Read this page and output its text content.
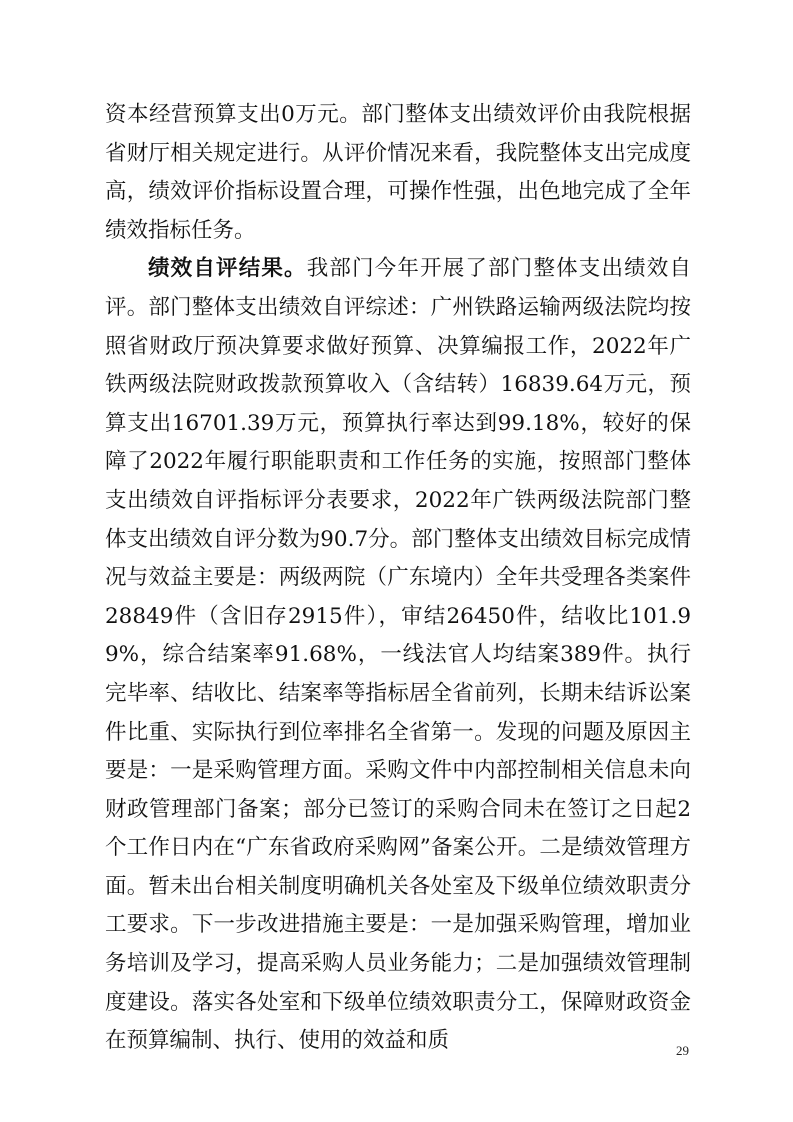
资本经营预算支出0万元。部门整体支出绩效评价由我院根据省财厅相关规定进行。从评价情况来看，我院整体支出完成度高，绩效评价指标设置合理，可操作性强，出色地完成了全年绩效指标任务。

绩效自评结果。我部门今年开展了部门整体支出绩效自评。部门整体支出绩效自评综述：广州铁路运输两级法院均按照省财政厅预决算要求做好预算、决算编报工作，2022年广铁两级法院财政拨款预算收入（含结转）16839.64万元，预算支出16701.39万元，预算执行率达到99.18%，较好的保障了2022年履行职能职责和工作任务的实施，按照部门整体支出绩效自评指标评分表要求，2022年广铁两级法院部门整体支出绩效自评分数为90.7分。部门整体支出绩效目标完成情况与效益主要是：两级两院（广东境内）全年共受理各类案件28849件（含旧存2915件），审结26450件，结收比101.99%，综合结案率91.68%，一线法官人均结案389件。执行完毕率、结收比、结案率等指标居全省前列，长期未结诉讼案件比重、实际执行到位率排名全省第一。发现的问题及原因主要是：一是采购管理方面。采购文件中内部控制相关信息未向财政管理部门备案；部分已签订的采购合同未在签订之日起2个工作日内在“广东省政府采购网”备案公开。二是绩效管理方面。暂未出台相关制度明确机关各处室及下级单位绩效职责分工要求。下一步改进措施主要是：一是加强采购管理，增加业务培训及学习，提高采购人员业务能力；二是加强绩效管理制度建设。落实各处室和下级单位绩效职责分工，保障财政资金在预算编制、执行、使用的效益和质	29
